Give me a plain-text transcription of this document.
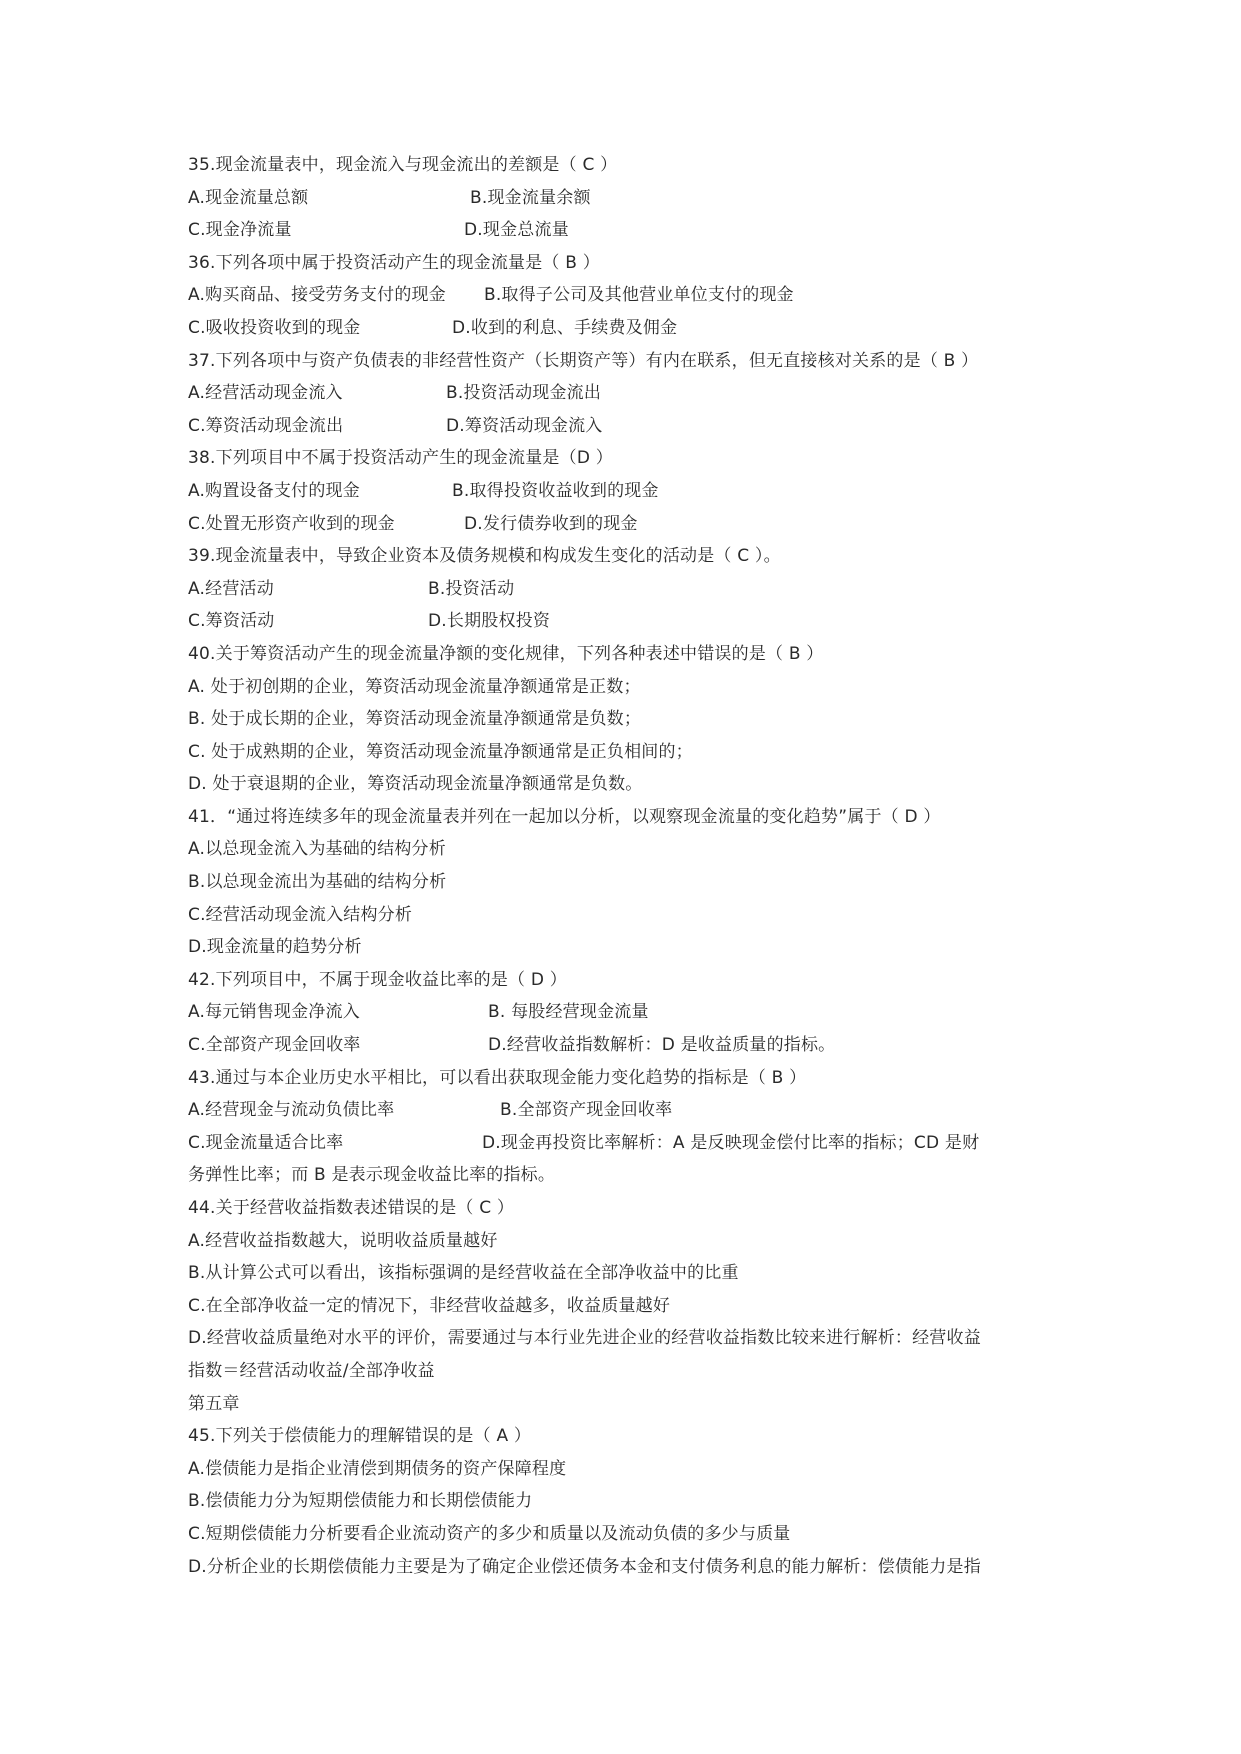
35.现金流量表中，现金流入与现金流出的差额是（ C ）
A.现金流量总额	B.现金流量余额
C.现金净流量	D.现金总流量
36.下列各项中属于投资活动产生的现金流量是（ B ）
A.购买商品、接受劳务支付的现金	B.取得子公司及其他营业单位支付的现金
C.吸收投资收到的现金	D.收到的利息、手续费及佣金
37.下列各项中与资产负债表的非经营性资产（长期资产等）有内在联系，但无直接核对关系的是（ B ）
A.经营活动现金流入	B.投资活动现金流出
C.筹资活动现金流出	D.筹资活动现金流入
38.下列项目中不属于投资活动产生的现金流量是（D ）
A.购置设备支付的现金	B.取得投资收益收到的现金
C.处置无形资产收到的现金	D.发行债券收到的现金
39.现金流量表中，导致企业资本及债务规模和构成发生变化的活动是（ C ）。
A.经营活动	B.投资活动
C.筹资活动	D.长期股权投资
40.关于筹资活动产生的现金流量净额的变化规律，下列各种表述中错误的是（ B ）
A. 处于初创期的企业，筹资活动现金流量净额通常是正数；
B. 处于成长期的企业，筹资活动现金流量净额通常是负数；
C. 处于成熟期的企业，筹资活动现金流量净额通常是正负相间的；
D. 处于衰退期的企业，筹资活动现金流量净额通常是负数。
41．“通过将连续多年的现金流量表并列在一起加以分析，以观察现金流量的变化趋势”属于（ D ）
A.以总现金流入为基础的结构分析
B.以总现金流出为基础的结构分析
C.经营活动现金流入结构分析
D.现金流量的趋势分析
42.下列项目中，不属于现金收益比率的是（ D ）
A.每元销售现金净流入	B. 每股经营现金流量
C.全部资产现金回收率	D.经营收益指数解析：D 是收益质量的指标。
43.通过与本企业历史水平相比，可以看出获取现金能力变化趋势的指标是（ B ）
A.经营现金与流动负债比率	B.全部资产现金回收率
C.现金流量适合比率	D.现金再投资比率解析：A 是反映现金偿付比率的指标；CD 是财
务弹性比率；而 B 是表示现金收益比率的指标。
44.关于经营收益指数表述错误的是（ C ）
A.经营收益指数越大，说明收益质量越好
B.从计算公式可以看出，该指标强调的是经营收益在全部净收益中的比重
C.在全部净收益一定的情况下，非经营收益越多，收益质量越好
D.经营收益质量绝对水平的评价，需要通过与本行业先进企业的经营收益指数比较来进行解析：经营收益
指数＝经营活动收益/全部净收益
第五章
45.下列关于偿债能力的理解错误的是（ A ）
A.偿债能力是指企业清偿到期债务的资产保障程度
B.偿债能力分为短期偿债能力和长期偿债能力
C.短期偿债能力分析要看企业流动资产的多少和质量以及流动负债的多少与质量
D.分析企业的长期偿债能力主要是为了确定企业偿还债务本金和支付债务利息的能力解析：偿债能力是指
